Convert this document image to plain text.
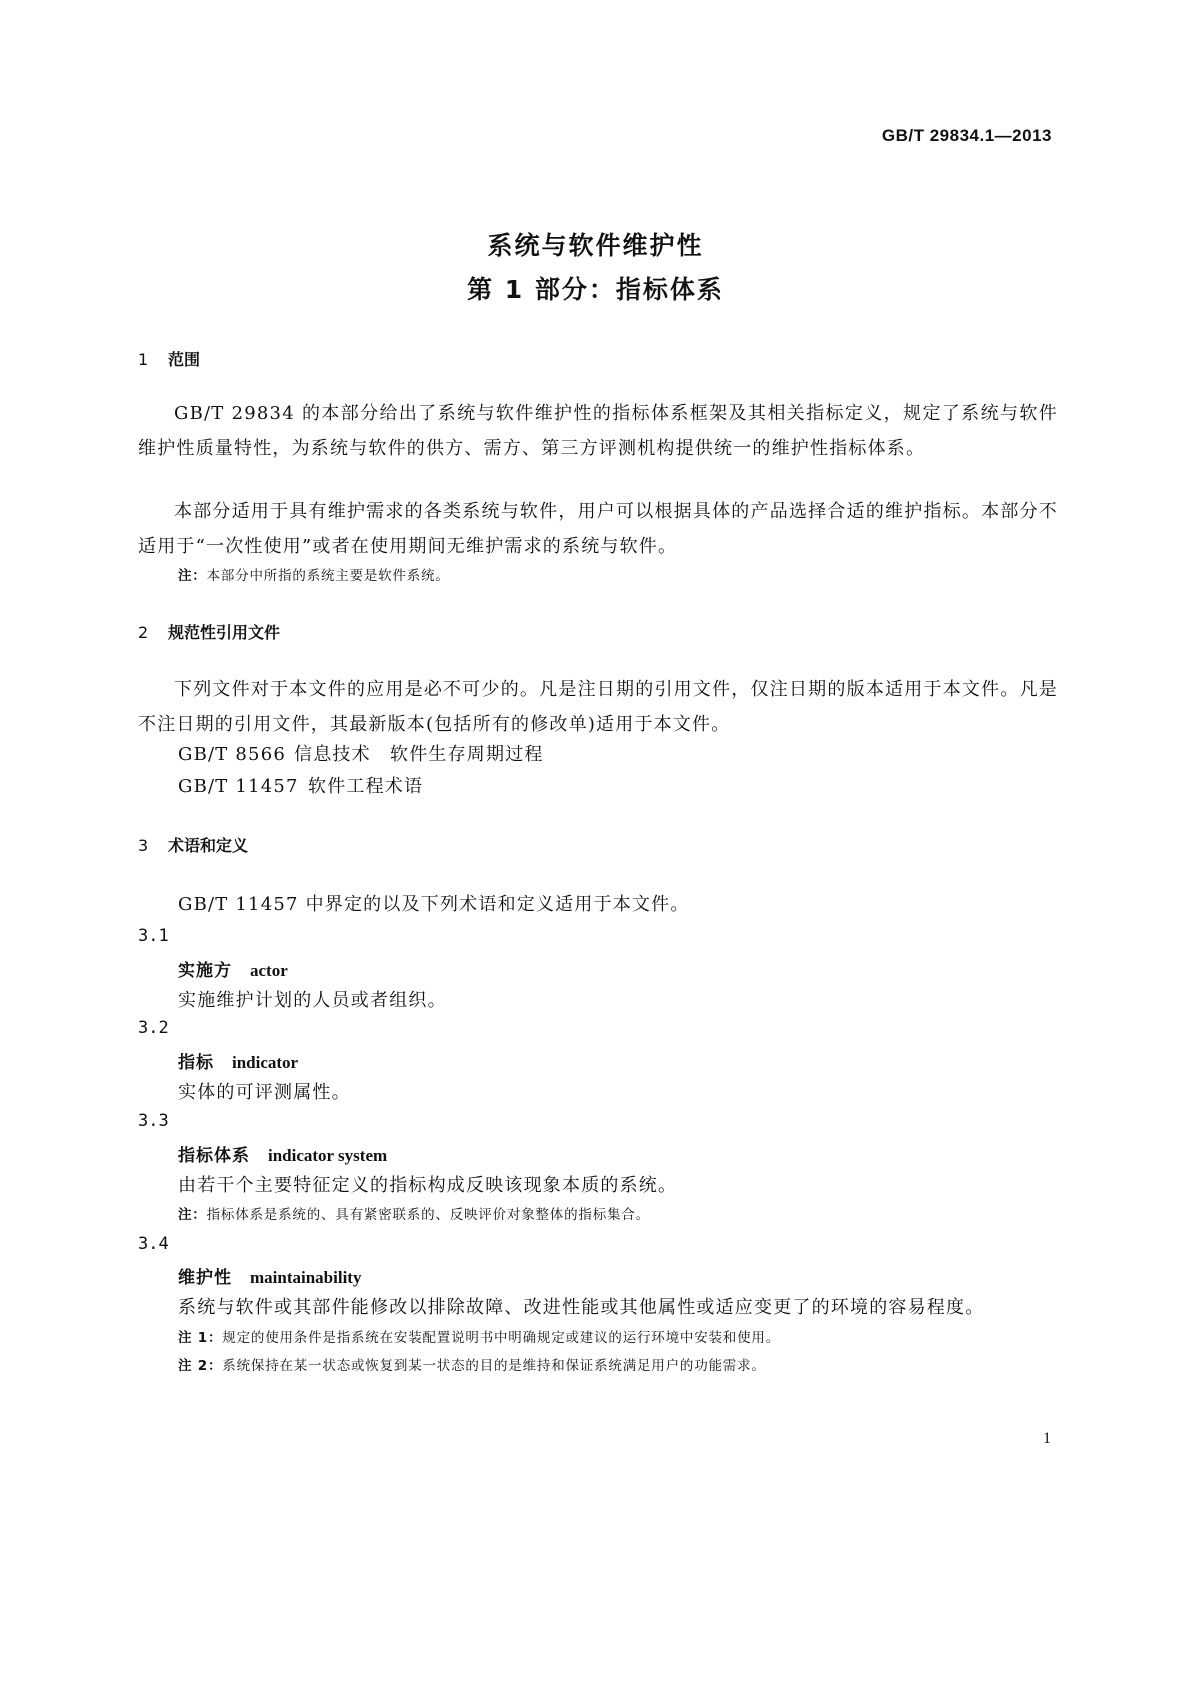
GB/T 29834.1—2013
系统与软件维护性
第 1 部分：指标体系
1 范围
GB/T 29834 的本部分给出了系统与软件维护性的指标体系框架及其相关指标定义，规定了系统与软件维护性质量特性，为系统与软件的供方、需方、第三方评测机构提供统一的维护性指标体系。
本部分适用于具有维护需求的各类系统与软件，用户可以根据具体的产品选择合适的维护指标。本部分不适用于“一次性使用”或者在使用期间无维护需求的系统与软件。
注：本部分中所指的系统主要是软件系统。
2 规范性引用文件
下列文件对于本文件的应用是必不可少的。凡是注日期的引用文件，仅注日期的版本适用于本文件。凡是不注日期的引用文件，其最新版本(包括所有的修改单)适用于本文件。
GB/T 8566 信息技术　软件生存周期过程
GB/T 11457 软件工程术语
3 术语和定义
GB/T 11457 中界定的以及下列术语和定义适用于本文件。
3.1
实施方 actor
实施维护计划的人员或者组织。
3.2
指标 indicator
实体的可评测属性。
3.3
指标体系 indicator system
由若干个主要特征定义的指标构成反映该现象本质的系统。
注：指标体系是系统的、具有紧密联系的、反映评价对象整体的指标集合。
3.4
维护性 maintainability
系统与软件或其部件能修改以排除故障、改进性能或其他属性或适应变更了的环境的容易程度。
注 1：规定的使用条件是指系统在安装配置说明书中明确规定或建议的运行环境中安装和使用。
注 2：系统保持在某一状态或恢复到某一状态的目的是维持和保证系统满足用户的功能需求。
1
